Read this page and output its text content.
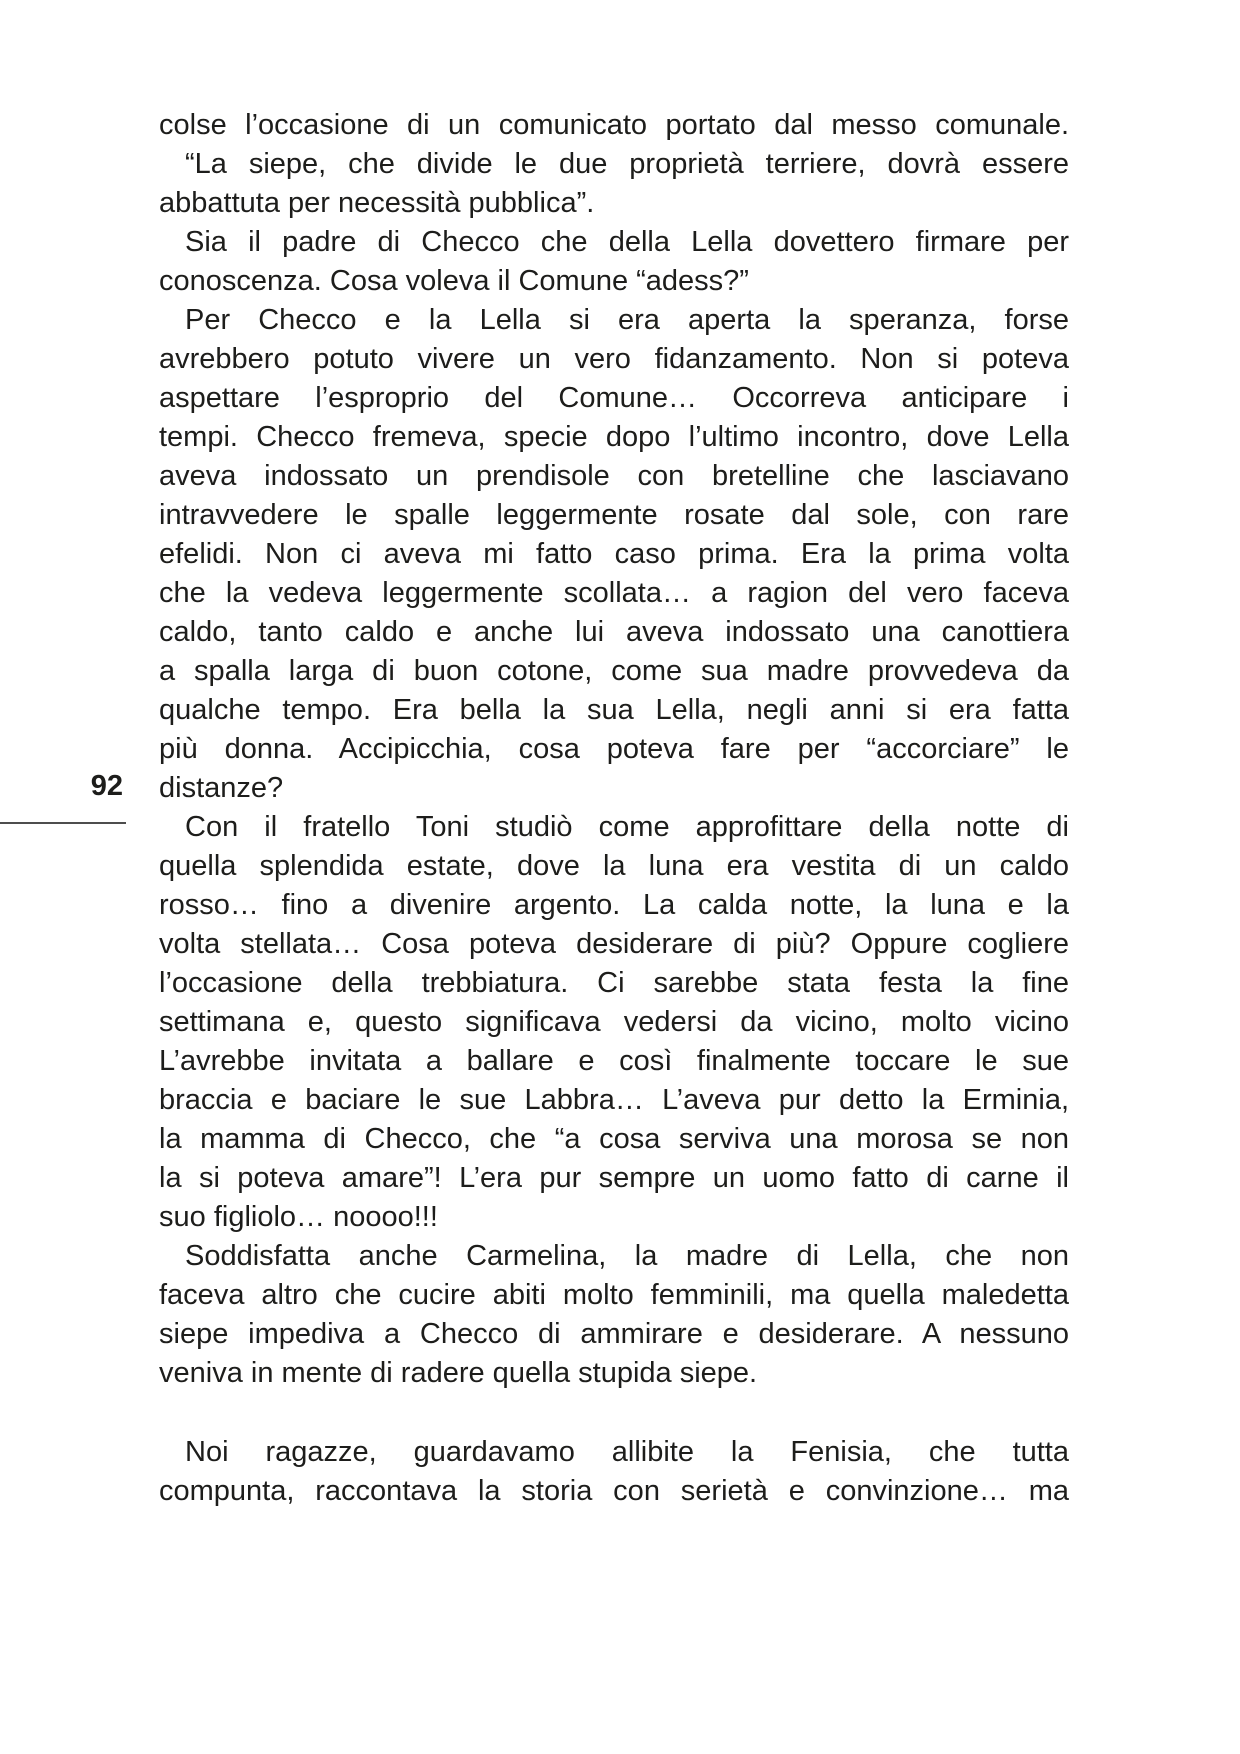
92
colse l’occasione di un comunicato portato dal messo comunale.
“La siepe, che divide le due proprietà terriere, dovrà essere
abbattuta per necessità pubblica”.
Sia il padre di Checco che della Lella dovettero firmare per
conoscenza. Cosa voleva il Comune “adess?”
Per Checco e la Lella si era aperta la speranza, forse
avrebbero potuto vivere un vero fidanzamento. Non si poteva
aspettare l’esproprio del Comune… Occorreva anticipare i
tempi. Checco fremeva, specie dopo l’ultimo incontro, dove Lella
aveva indossato un prendisole con bretelline che lasciavano
intravvedere le spalle leggermente rosate dal sole, con rare
efelidi. Non ci aveva mi fatto caso prima. Era la prima volta
che la vedeva leggermente scollata… a ragion del vero faceva
caldo, tanto caldo e anche lui aveva indossato una canottiera
a spalla larga di buon cotone, come sua madre provvedeva da
qualche tempo. Era bella la sua Lella, negli anni si era fatta
più donna. Accipicchia, cosa poteva fare per “accorciare” le
distanze?
Con il fratello Toni studiò come approfittare della notte di
quella splendida estate, dove la luna era vestita di un caldo
rosso… fino a divenire argento. La calda notte, la luna e la
volta stellata… Cosa poteva desiderare di più? Oppure cogliere
l’occasione della trebbiatura. Ci sarebbe stata festa la fine
settimana e, questo significava vedersi da vicino, molto vicino
L’avrebbe invitata a ballare e così finalmente toccare le sue
braccia e baciare le sue Labbra… L’aveva pur detto la Erminia,
la mamma di Checco, che “a cosa serviva una morosa se non
la si poteva amare”! L’era pur sempre un uomo fatto di carne il
suo figliolo… noooo!!!
Soddisfatta anche Carmelina, la madre di Lella, che non
faceva altro che cucire abiti molto femminili, ma quella maledetta
siepe impediva a Checco di ammirare e desiderare. A nessuno
veniva in mente di radere quella stupida siepe.
Noi ragazze, guardavamo allibite la Fenisia, che tutta
compunta, raccontava la storia con serietà e convinzione… ma
